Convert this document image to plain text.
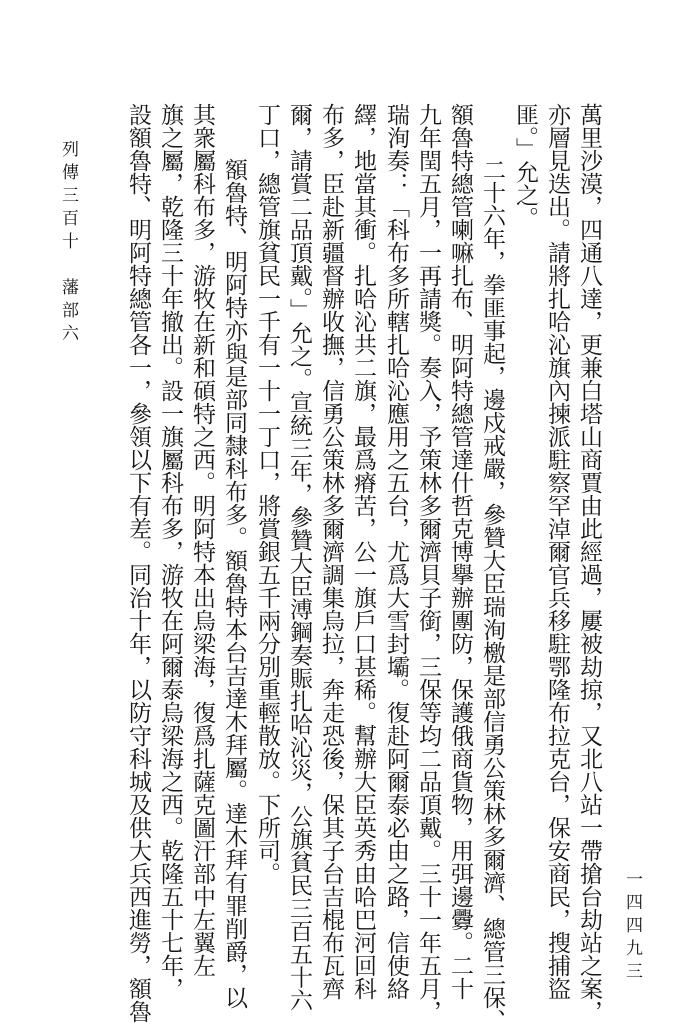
一四四九三
列傳三百十
藩部六	萬里沙漠，四通八達，更兼白塔山商賈由此經過，屢被劫掠，又北八站一帶搶台劫站之案，
亦層見迭出。請將扎哈沁旗內揀派駐察罕淖爾官兵移駐鄂隆布拉克台，保安商民，搜捕盜
匪。」允之。
二十六年，拳匪事起，邊戍戒嚴，參贊大臣瑞洵檄是部信勇公策林多爾濟、總管三保、
額魯特總管喇嘛扎布、明阿特總管達什哲克博擧辦團防，保護俄商貨物，用弭邊釁。二十
九年閏五月，一再請獎。奏入，予策林多爾濟貝子銜，三保等均二品頂戴。三十一年五月，
瑞洵奏：「科布多所轄扎哈沁應用之五台，尤爲大雪封壩。復赴阿爾泰必由之路，信使絡
繹，地當其衝。扎哈沁共二旗，最爲瘠苦，公一旗戶口甚稀。幫辦大臣英秀由哈巴河回科
布多，臣赴新疆督辦收撫，信勇公策林多爾濟調集烏拉，奔走恐後，保其子台吉棍布瓦齊
爾，請賞二品頂戴。」允之。宣統三年，參贊大臣溥鋼奏賑扎哈沁災，公旗貧民三百五十六
丁口，總管旗貧民一千有一十一丁口，將賞銀五千兩分別重輕散放。下所司。
額魯特、明阿特亦與是部同隸科布多。額魯特本台吉達木拜屬。達木拜有罪削爵，以
其衆屬科布多，游牧在新和碩特之西。明阿特本出烏梁海，復爲扎薩克圖汗部中左翼左
旗之屬，乾隆三十年撤出。設一旗屬科布多，游牧在阿爾泰烏梁海之西。乾隆五十七年，
設額魯特、明阿特總管各一，參領以下有差。同治十年，以防守科城及供大兵西進勞，額魯
